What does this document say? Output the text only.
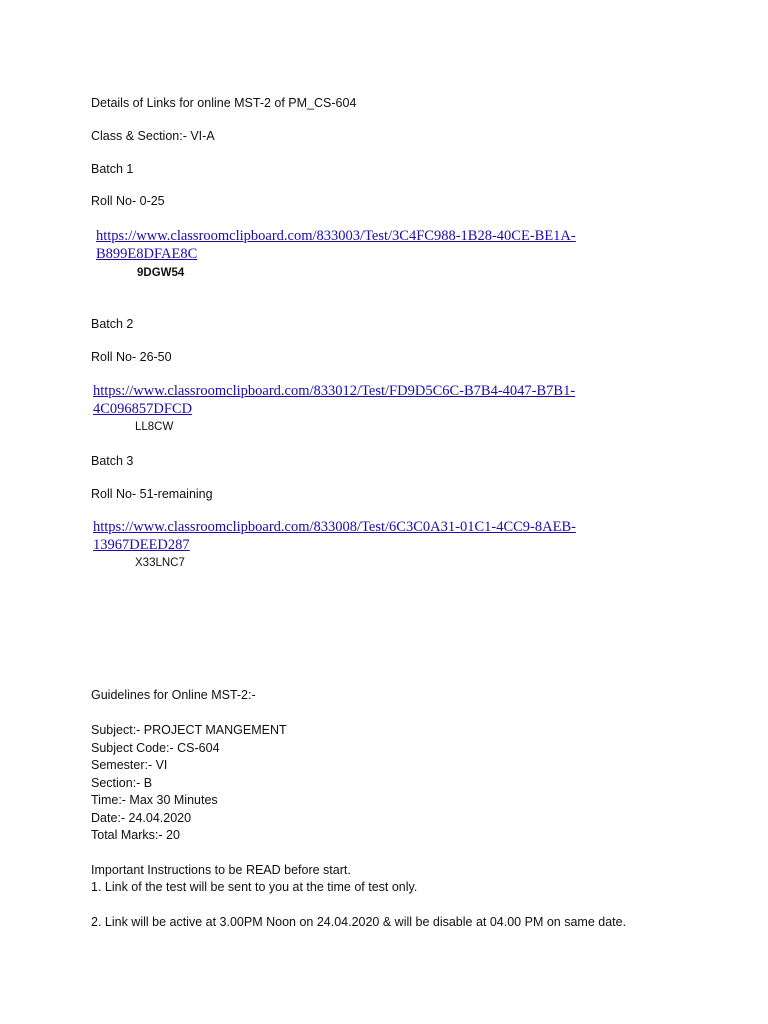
Details of Links for online MST-2 of PM_CS-604
Class & Section:- VI-A
Batch 1
Roll No- 0-25
https://www.classroomclipboard.com/833003/Test/3C4FC988-1B28-40CE-BE1A-
B899E8DFAE8C
9DGW54
Batch 2
Roll No- 26-50
https://www.classroomclipboard.com/833012/Test/FD9D5C6C-B7B4-4047-B7B1-
4C096857DFCD
LL8CW
Batch 3
Roll No- 51-remaining
https://www.classroomclipboard.com/833008/Test/6C3C0A31-01C1-4CC9-8AEB-
13967DEED287
X33LNC7
Guidelines for Online MST-2:-
Subject:- PROJECT MANGEMENT
Subject Code:- CS-604
Semester:- VI
Section:- B
Time:- Max 30 Minutes
Date:- 24.04.2020
Total Marks:- 20
Important Instructions to be READ before start.
1. Link of the test will be sent to you at the time of test only.
2. Link will be active at 3.00PM Noon on 24.04.2020 & will be disable at 04.00 PM on same date.
